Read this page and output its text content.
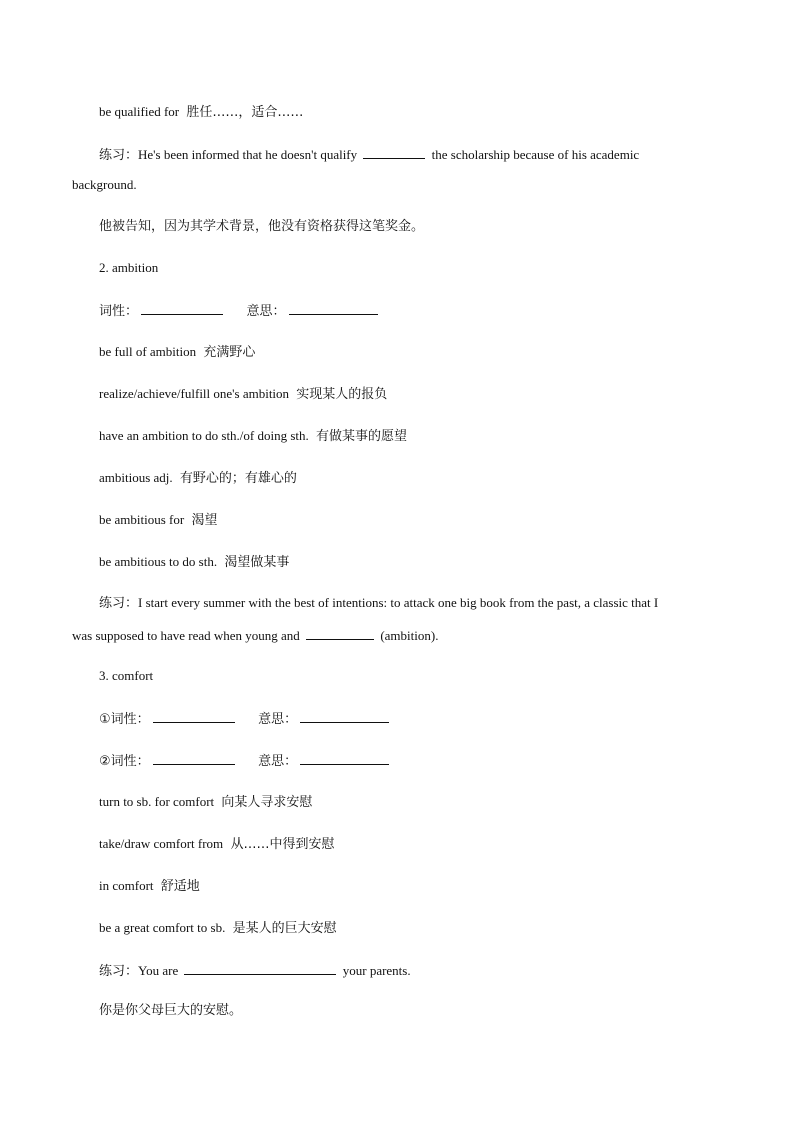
be qualified for 胜任……，适合……
练习：He's been informed that he doesn't qualify	the scholarship because of his academic
background.
他被告知，因为其学术背景，他没有资格获得这笔奖金。
2. ambition
词性：	意思：
be full of ambition 充满野心
realize/achieve/fulfill one's ambition 实现某人的报负
have an ambition to do sth./of doing sth. 有做某事的愿望
ambitious adj. 有野心的；有雄心的
be ambitious for 渴望
be ambitious to do sth. 渴望做某事
练习：I start every summer with the best of intentions: to attack one big book from the past, a classic that I
was supposed to have read when young and	(ambition).
3. comfort
①词性：	意思：
②词性：	意思：
turn to sb. for comfort 向某人寻求安慰
take/draw comfort from 从……中得到安慰
in comfort 舒适地
be a great comfort to sb. 是某人的巨大安慰
练习：You are	your parents.
你是你父母巨大的安慰。
